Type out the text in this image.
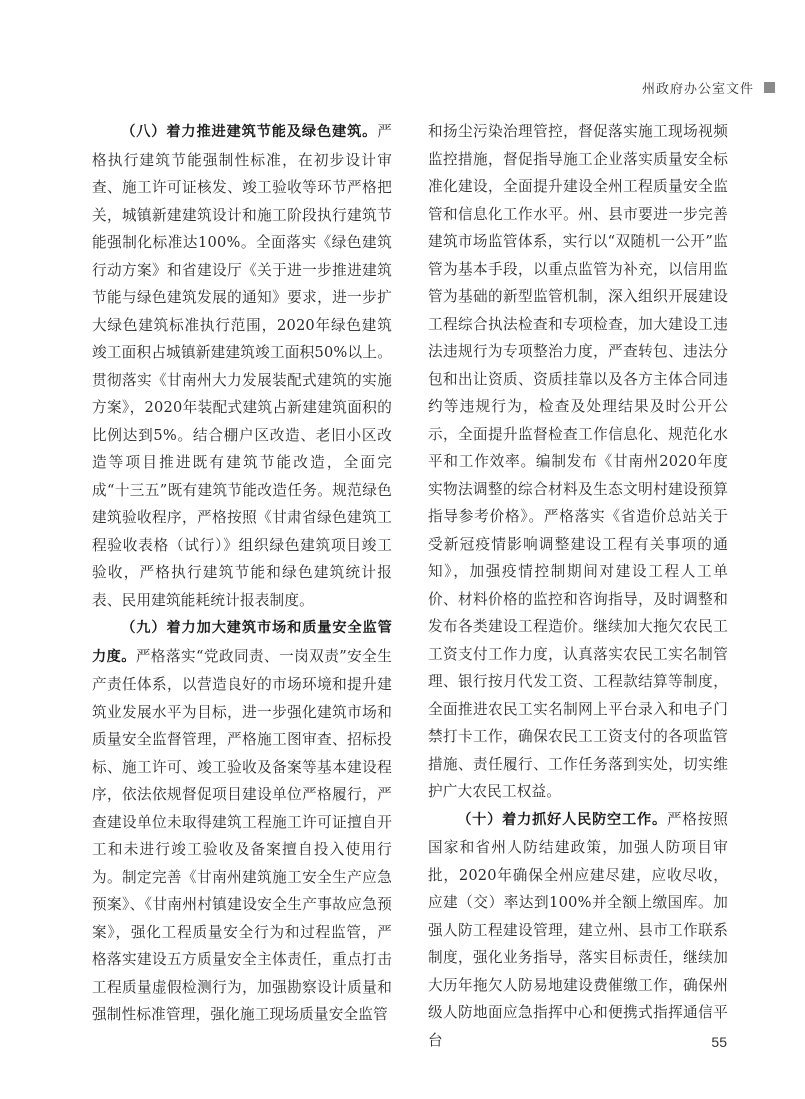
州政府办公室文件

（八）着力推进建筑节能及绿色建筑。严格执行建筑节能强制性标准，在初步设计审查、施工许可证核发、竣工验收等环节严格把关，城镇新建建筑设计和施工阶段执行建筑节能强制化标准达100%。全面落实《绿色建筑行动方案》和省建设厅《关于进一步推进建筑节能与绿色建筑发展的通知》要求，进一步扩大绿色建筑标准执行范围，2020年绿色建筑竣工面积占城镇新建建筑竣工面积50%以上。贯彻落实《甘南州大力发展装配式建筑的实施方案》，2020年装配式建筑占新建建筑面积的比例达到5%。结合棚户区改造、老旧小区改造等项目推进既有建筑节能改造，全面完成“十三五”既有建筑节能改造任务。规范绿色建筑验收程序，严格按照《甘肃省绿色建筑工程验收表格（试行）》组织绿色建筑项目竣工验收，严格执行建筑节能和绿色建筑统计报表、民用建筑能耗统计报表制度。

（九）着力加大建筑市场和质量安全监管力度。严格落实“党政同责、一岗双责”安全生产责任体系，以营造良好的市场环境和提升建筑业发展水平为目标，进一步强化建筑市场和质量安全监督管理，严格施工图审查、招标投标、施工许可、竣工验收及备案等基本建设程序，依法依规督促项目建设单位严格履行，严查建设单位未取得建筑工程施工许可证擅自开工和未进行竣工验收及备案擅自投入使用行为。制定完善《甘南州建筑施工安全生产应急预案》、《甘南州村镇建设安全生产事故应急预案》，强化工程质量安全行为和过程监管，严格落实建设五方质量安全主体责任，重点打击工程质量虚假检测行为，加强勘察设计质量和强制性标准管理，强化施工现场质量安全监管

和扬尘污染治理管控，督促落实施工现场视频监控措施，督促指导施工企业落实质量安全标准化建设，全面提升建设全州工程质量安全监管和信息化工作水平。州、县市要进一步完善建筑市场监管体系，实行以“双随机一公开”监管为基本手段，以重点监管为补充，以信用监管为基础的新型监管机制，深入组织开展建设工程综合执法检查和专项检查，加大建设工违法违规行为专项整治力度，严查转包、违法分包和出让资质、资质挂靠以及各方主体合同违约等违规行为，检查及处理结果及时公开公示，全面提升监督检查工作信息化、规范化水平和工作效率。编制发布《甘南州2020年度实物法调整的综合材料及生态文明村建设预算指导参考价格》。严格落实《省造价总站关于受新冠疫情影响调整建设工程有关事项的通知》，加强疫情控制期间对建设工程人工单价、材料价格的监控和咨询指导，及时调整和发布各类建设工程造价。继续加大拖欠农民工工资支付工作力度，认真落实农民工实名制管理、银行按月代发工资、工程款结算等制度，全面推进农民工实名制网上平台录入和电子门禁打卡工作，确保农民工工资支付的各项监管措施、责任履行、工作任务落到实处，切实维护广大农民工权益。

（十）着力抓好人民防空工作。严格按照国家和省州人防结建政策，加强人防项目审批，2020年确保全州应建尽建，应收尽收，应建（交）率达到100%并全额上缴国库。加强人防工程建设管理，建立州、县市工作联系制度，强化业务指导，落实目标责任，继续加大历年拖欠人防易地建设费催缴工作，确保州级人防地面应急指挥中心和便携式指挥通信平台	55
